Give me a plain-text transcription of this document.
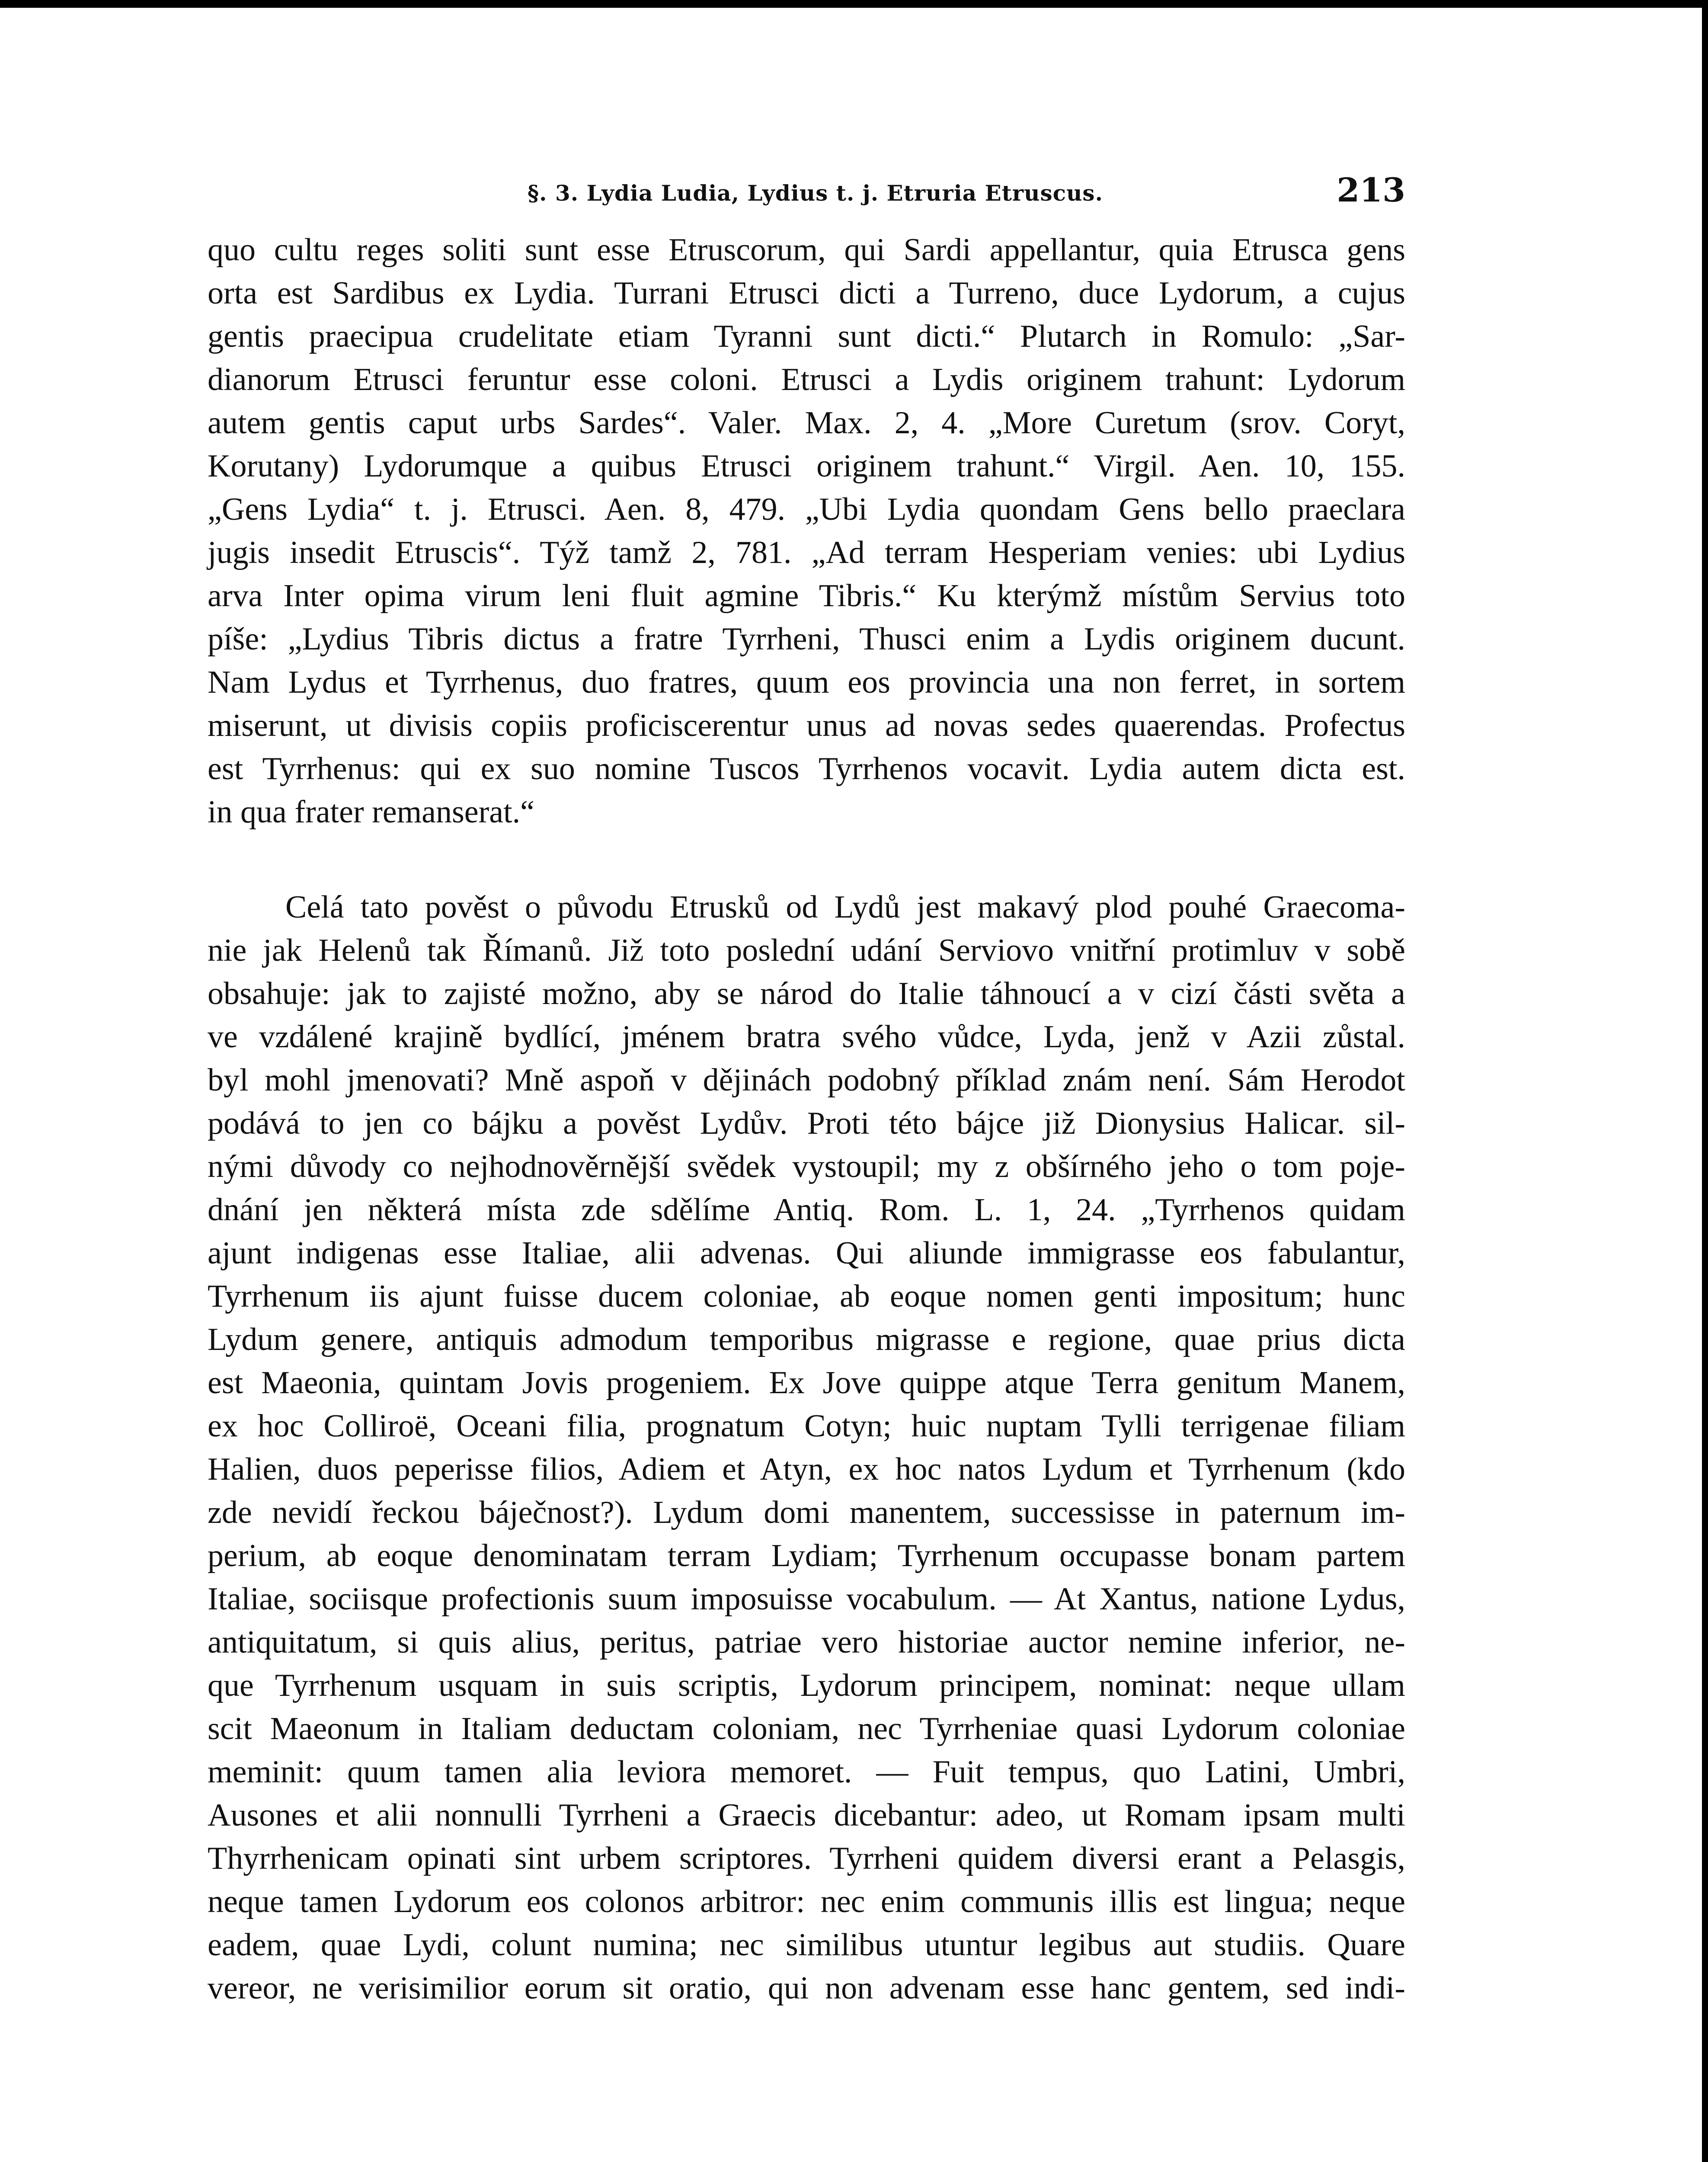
§. 3. Lydia Ludia, Lydius t. j. Etruria Etruscus.	213
quo cultu reges soliti sunt esse Etruscorum, qui Sardi appellantur, quia Etrusca gens
orta est Sardibus ex Lydia. Turrani Etrusci dicti a Turreno, duce Lydorum, a cujus
gentis praecipua crudelitate etiam Tyranni sunt dicti.“ Plutarch in Romulo: „Sar-
dianorum Etrusci feruntur esse coloni. Etrusci a Lydis originem trahunt: Lydorum
autem gentis caput urbs Sardes“. Valer. Max. 2, 4. „More Curetum (srov. Coryt,
Korutany) Lydorumque a quibus Etrusci originem trahunt.“ Virgil. Aen. 10, 155.
„Gens Lydia“ t. j. Etrusci. Aen. 8, 479. „Ubi Lydia quondam Gens bello praeclara
jugis insedit Etruscis“. Týž tamž 2, 781. „Ad terram Hesperiam venies: ubi Lydius
arva Inter opima virum leni fluit agmine Tibris.“ Ku kterýmž místům Servius toto
píše: „Lydius Tibris dictus a fratre Tyrrheni, Thusci enim a Lydis originem ducunt.
Nam Lydus et Tyrrhenus, duo fratres, quum eos provincia una non ferret, in sortem
miserunt, ut divisis copiis proficiscerentur unus ad novas sedes quaerendas. Profectus
est Tyrrhenus: qui ex suo nomine Tuscos Tyrrhenos vocavit. Lydia autem dicta est.
in qua frater remanserat.“
Celá tato pověst o původu Etrusků od Lydů jest makavý plod pouhé Graecoma-
nie jak Helenů tak Římanů. Již toto poslední udání Serviovo vnitřní protimluv v sobě
obsahuje: jak to zajisté možno, aby se národ do Italie táhnoucí a v cizí části světa a
ve vzdálené krajině bydlící, jménem bratra svého vůdce, Lyda, jenž v Azii zůstal.
byl mohl jmenovati? Mně aspoň v dějinách podobný příklad znám není. Sám Herodot
podává to jen co bájku a pověst Lydův. Proti této bájce již Dionysius Halicar. sil-
nými důvody co nejhodnověrnější svědek vystoupil; my z obšírného jeho o tom poje-
dnání jen některá místa zde sdělíme Antiq. Rom. L. 1, 24. „Tyrrhenos quidam
ajunt indigenas esse Italiae, alii advenas. Qui aliunde immigrasse eos fabulantur,
Tyrrhenum iis ajunt fuisse ducem coloniae, ab eoque nomen genti impositum; hunc
Lydum genere, antiquis admodum temporibus migrasse e regione, quae prius dicta
est Maeonia, quintam Jovis progeniem. Ex Jove quippe atque Terra genitum Manem,
ex hoc Colliroë, Oceani filia, prognatum Cotyn; huic nuptam Tylli terrigenae filiam
Halien, duos peperisse filios, Adiem et Atyn, ex hoc natos Lydum et Tyrrhenum (kdo
zde nevidí řeckou báječnost?). Lydum domi manentem, successisse in paternum im-
perium, ab eoque denominatam terram Lydiam; Tyrrhenum occupasse bonam partem
Italiae, sociisque profectionis suum imposuisse vocabulum. — At Xantus, natione Lydus,
antiquitatum, si quis alius, peritus, patriae vero historiae auctor nemine inferior, ne-
que Tyrrhenum usquam in suis scriptis, Lydorum principem, nominat: neque ullam
scit Maeonum in Italiam deductam coloniam, nec Tyrrheniae quasi Lydorum coloniae
meminit: quum tamen alia leviora memoret. — Fuit tempus, quo Latini, Umbri,
Ausones et alii nonnulli Tyrrheni a Graecis dicebantur: adeo, ut Romam ipsam multi
Thyrrhenicam opinati sint urbem scriptores. Tyrrheni quidem diversi erant a Pelasgis,
neque tamen Lydorum eos colonos arbitror: nec enim communis illis est lingua; neque
eadem, quae Lydi, colunt numina; nec similibus utuntur legibus aut studiis. Quare
vereor, ne verisimilior eorum sit oratio, qui non advenam esse hanc gentem, sed indi-
